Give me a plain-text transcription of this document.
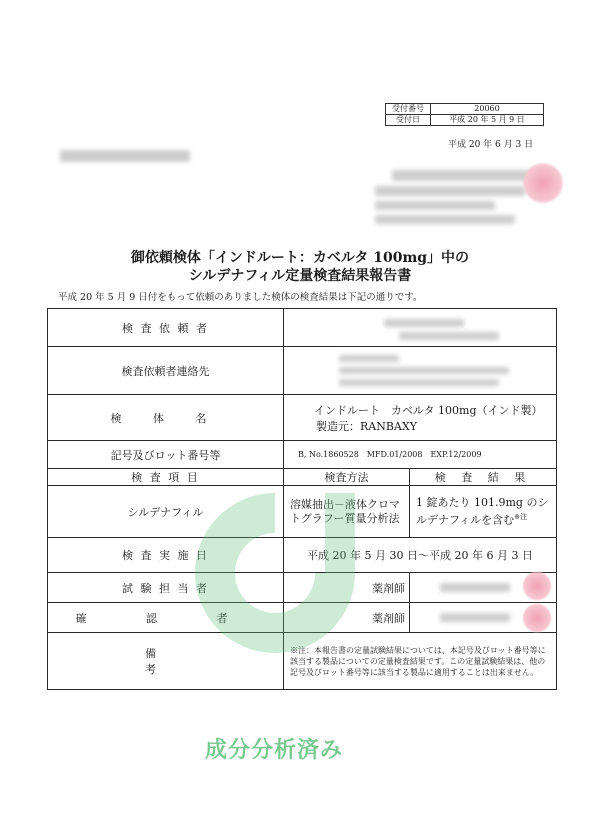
受付番号	20060
受付日	平成 20 年 5 月 9 日
平成 20 年 6 月 3 日
御依頼検体「インドルート：カベルタ 100mg」中の
シルデナフィル定量検査結果報告書
平成 20 年 5 月 9 日付をもって依頼のありました検体の検査結果は下記の通りです。
検 査 依 頼 者		

検査依頼者連絡先		

検 体 名	インドルート　カベルタ 100mg（インド製）
製造元：RANBAXY	

記号及びロット番号等	B, No.1860528　MFD.01/2008　EXP.12/2009	
検 査 項 目	検査方法	検 査 結 果
シルデナフィル	溶媒抽出－液体クロマトグラフー質量分析法	1 錠あたり 101.9mg のシルデナフィルを含む$^{※注}$
検 査 実 施 日	平成 20 年 5 月 30 日～平成 20 年 6 月 3 日	
試 験 担 当 者	薬剤師	

確 認 者	薬剤師	

備 考	※注：本報告書の定量試験結果については、本記号及びロット番号等に該当する製品についての定量検査結果です。この定量試験結果は、他の記号及びロット番号等に該当する製品に適用することは出来ません。	
成分分析済み
